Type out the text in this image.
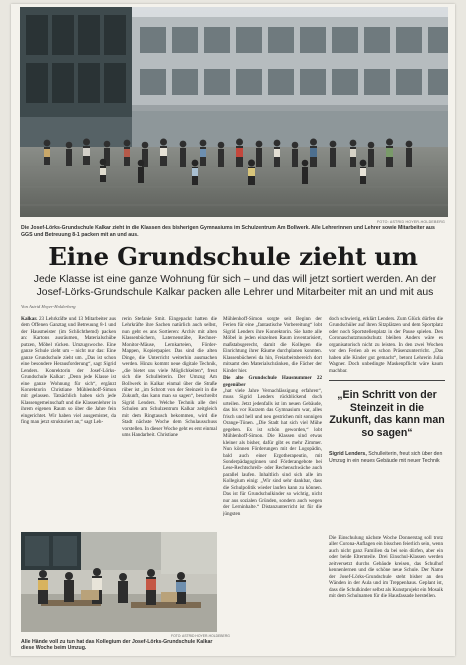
FOTO: ASTRID HOYER-HOLDEBERG
Die Josef-Lörks-Grundschule Kalkar zieht in die Klassen des bisherigen Gymnasiums im Schulzentrum Am Bollwerk. Alle Lehrerinnen und Lehrer sowie Mitarbeiter aus GGS und Betreuung 8-1 packen mit an und aus.
Eine Grundschule zieht um
Jede Klasse ist eine ganze Wohnung für sich – und das will jetzt sortiert werden. An der Josef-Lörks-Grundschule Kalkar packen alle Lehrer und Mitarbeiter mit an und mit aus
Von Astrid Hoyer-Holderberg

Kalkar. 23 Lehrkräfte und 13 Mitarbeiter aus dem Offenen Ganztag und Betreuung 8-1 und der Hausmeister (im Schlichthemd) packen an: Kartons ausräumen, Materialschübe putzen, Möbel rücken. Umzugswoche. Eine ganze Schule zieht um – nicht nur das: Eine ganze Grundschule zieht um. „Das ist schon eine besondere Herausforderung“, sagt Sigrid Lenders. Konrektorin der Josef-Lörks-Grundschule Kalkar: „Denn jede Klasse ist eine ganze Wohnung für sich“, ergänzt Konrektorin Christiane Mühlenhoff-Simon mit gelassen. Tatsächlich haben sich jede Klassengemeinschaft und die Klassenlehrer in ihrem eigenen Raum so über die Jahre fein eingerichtet. Wir haben viel ausgemistet, da fing man jetzt strukturiert an,“ sagt Leh-

rerin Stefanie Smit. Eingepackt hatten die Lehrkräfte ihre Sachen natürlich auch selbst, nun geht es ans Sortieren: Archiv mit alten Klassenbüchern, Laternenstäbe, Rechner-Monitor-Mäuse, Lernkarteien, Förder-Mappen, Kopierpapier. Das sind die alten Dinge, die Unterricht weiterhin ausmachen werden. Hinzu kommt neue digitale Technik, „die bietet uns viele Möglichkeiten“, freut sich die Schulleiterin. Der Umzug Am Bollwerk in Kalkar einmal über die Straße rüber ist „im Schrott von der Steinzeit in die Zukunft, das kann man so sagen“, beschreibt Sigrid Lenders. Welche Technik alle drei Schulen am Schulzentrum Kalkar zeitgleich mit dem Ringtausch bekommen, wird die Stadt nächste Woche dem Schulausschuss vorstellen. In dieser Woche geht es erst einmal ums Handarbeit. Christiane

Mühlenhoff-Simon sorgte seit Beginn der Ferien für eine „fantastische Vorbereitung“ lobt Sigrid Lenders ihre Konrektorin. Sie hatte alle Möbel in jeden einzelnen Raum inventarisiert, maßstabsgerecht, damit die Kollegen die Einrichtung ihrer Räume durchplanen konnten. Klassenbücherei da hin, Freiarbeitsbereich dort mitsamt den Materialschränken, die Fächer der Kinder hier.

Die alte Grundschule Hausnummer 22 gegenüber

„hat viele Jahre Vernachlässigung erfahren“, muss Sigrid Lenders rückblickend doch urteilen. Jetzt jedenfalls ist im neuen Gebäude, das bis vor Kurzem das Gymnasium war, alles frisch und hell und neu gestrichen mit sonnigen Orange-Tönen. „Die Stadt hat sich viel Mühe gegeben. Es ist schön geworden,“ lobt Mühlenhoff-Simon. Die Klassen sind etwas kleiner als bisher, dafür gibt es mehr Zimmer. Nun können Förderungen mit der Logopädin, bald auch einer Ergotherapeutin, mit Sonderpädagoginnen und Förderangebote bei Lese-Rechtschreib- oder Rechenschwäche auch parallel laufen. Inhaltlich sind sich alle im Kollegium einig: „Wir sind sehr dankbar, dass die Schulpolitik wieder laufen kann zu können. Das ist für Grundschulkinder so wichtig, nicht nur aus sozialen Gründen, sondern auch wegen der Lerninhalte.“ Distanzunterricht ist für die jüngsten

doch schwierig, erklärt Lenders. Zum Glück dürfen die Grundschüler auf ihren Sitzplätzen und dem Sportplatz oder noch Sportstellenplatz in der Pause spielen. Den Coronaschutzmundschutz bleiben Anders wäre es organisatorisch nicht zu leisten. In den zwei Wochen vor den Ferien ab es schon Präsenzunterricht. „Das haben alle Kinder gut gemacht“, betont Lehrerin Julia Wagner. Doch unbedingte Maskenpflicht wäre kaum machbar.

„Ein Schritt von der Steinzeit in die Zukunft, das kann man so sagen“
Sigrid Lenders, Schulleiterin, freut sich über den Umzug in ein neues Gebäude mit neuer Technik

Die Einschulung nächste Woche Donnerstag soll trotz aller Corona-Auflagen ein bisschen feierlich sein, wenn auch nicht ganz Familien da bei sein dürfen, aber ein oder beide Elternteile. Drei Einschul-Klassen werden zeitversetzt durchs Gebäude kreisen, das Schulhof kennenlernen und die schöne neue Schule. Der Name der Josef-Lörks-Grundschule steht bisher an den Wänden in der Aula und im Treppenhaus. Geplant ist, dass die Schulkinder selbst als Kunstprojekt ein Mosaik mit dem Schulnamen für die Hausfassade herstellen.

FOTO: ASTRID HOYER-HOLDEBERG
Alle Hände voll zu tun hat das Kollegium der Josef-Lörks-Grundschule Kalkar diese Woche beim Umzug.
